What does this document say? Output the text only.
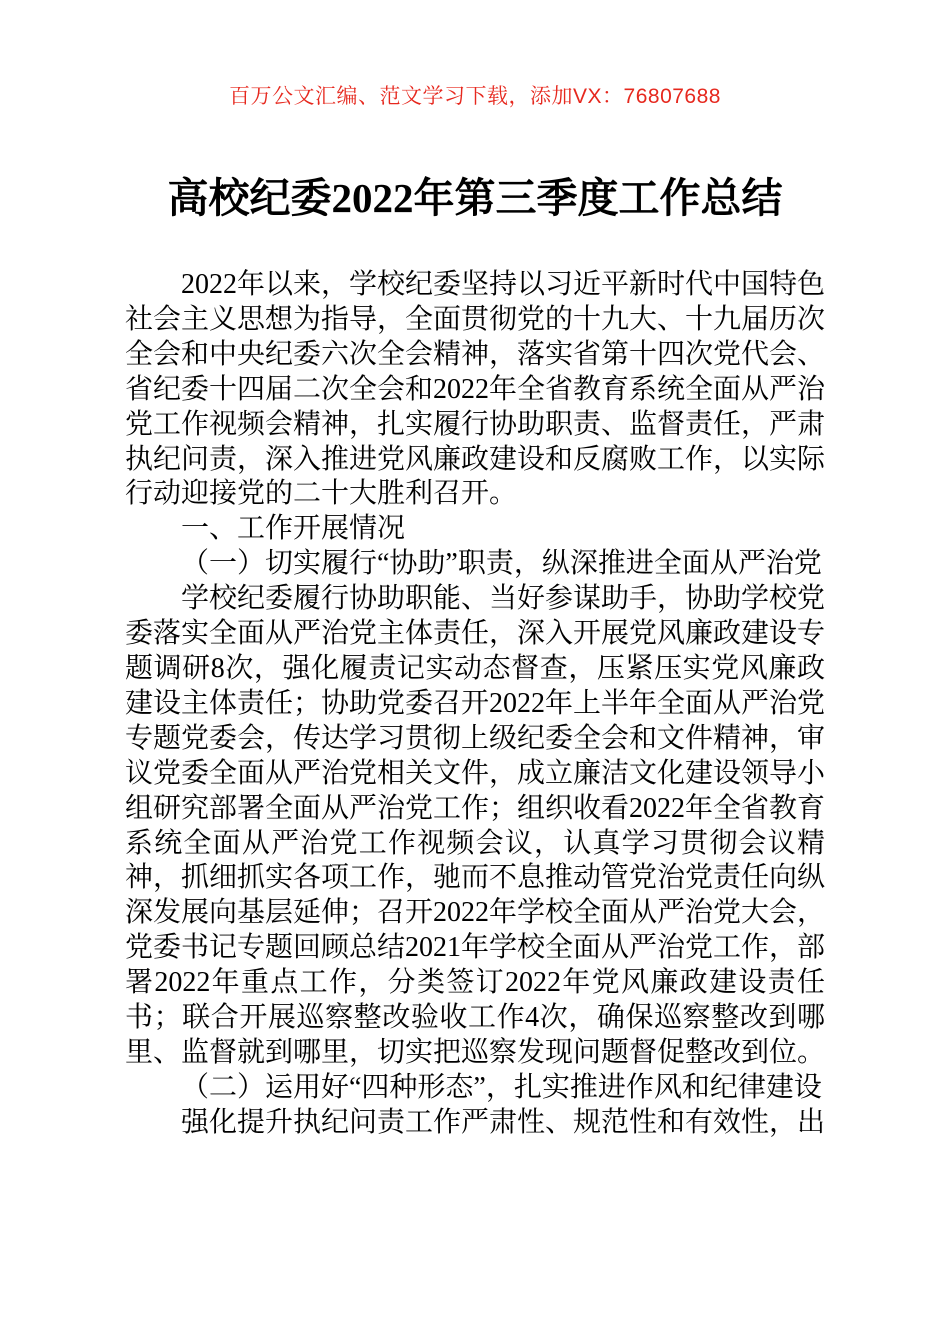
百万公文汇编、范文学习下载，添加VX：76807688
高校纪委2022年第三季度工作总结

2022年以来，学校纪委坚持以习近平新时代中国特色社会主义思想为指导，全面贯彻党的十九大、十九届历次全会和中央纪委六次全会精神，落实省第十四次党代会、省纪委十四届二次全会和2022年全省教育系统全面从严治党工作视频会精神，扎实履行协助职责、监督责任，严肃执纪问责，深入推进党风廉政建设和反腐败工作，以实际行动迎接党的二十大胜利召开。

一、工作开展情况

（一）切实履行“协助”职责，纵深推进全面从严治党

学校纪委履行协助职能、当好参谋助手，协助学校党委落实全面从严治党主体责任，深入开展党风廉政建设专题调研8次，强化履责记实动态督查，压紧压实党风廉政建设主体责任；协助党委召开2022年上半年全面从严治党专题党委会，传达学习贯彻上级纪委全会和文件精神，审议党委全面从严治党相关文件，成立廉洁文化建设领导小组研究部署全面从严治党工作；组织收看2022年全省教育系统全面从严治党工作视频会议，认真学习贯彻会议精神，抓细抓实各项工作，驰而不息推动管党治党责任向纵深发展向基层延伸；召开2022年学校全面从严治党大会，党委书记专题回顾总结2021年学校全面从严治党工作，部署2022年重点工作，分类签订2022年党风廉政建设责任书；联合开展巡察整改验收工作4次，确保巡察整改到哪里、监督就到哪里，切实把巡察发现问题督促整改到位。

（二）运用好“四种形态”，扎实推进作风和纪律建设

强化提升执纪问责工作严肃性、规范性和有效性，出
